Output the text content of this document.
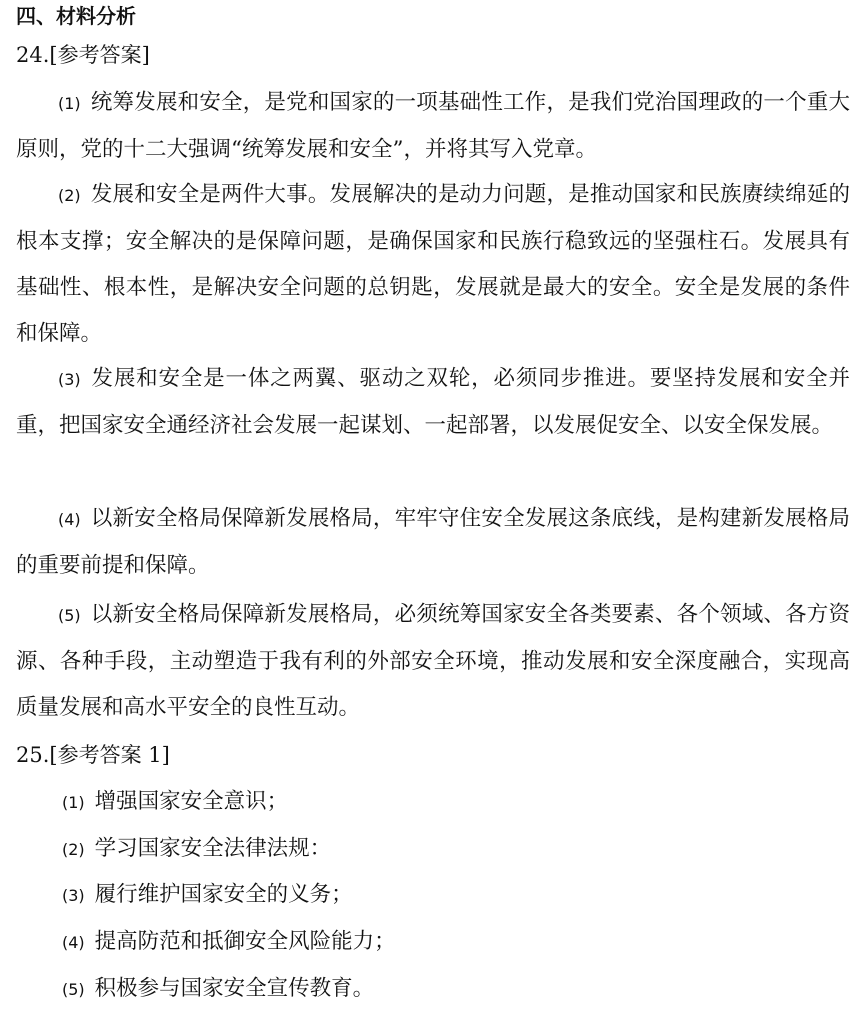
四、材料分析
24.[参考答案]

(1) 统筹发展和安全，是党和国家的一项基础性工作，是我们党治国理政的一个重大原则，党的十二大强调“统筹发展和安全”，并将其写入党章。

(2) 发展和安全是两件大事。发展解决的是动力问题，是推动国家和民族赓续绵延的根本支撑；安全解决的是保障问题，是确保国家和民族行稳致远的坚强柱石。发展具有基础性、根本性，是解决安全问题的总钥匙，发展就是最大的安全。安全是发展的条件和保障。

(3) 发展和安全是一体之两翼、驱动之双轮，必须同步推进。要坚持发展和安全并重，把国家安全通经济社会发展一起谋划、一起部署，以发展促安全、以安全保发展。

(4) 以新安全格局保障新发展格局，牢牢守住安全发展这条底线，是构建新发展格局的重要前提和保障。

(5) 以新安全格局保障新发展格局，必须统筹国家安全各类要素、各个领域、各方资源、各种手段，主动塑造于我有利的外部安全环境，推动发展和安全深度融合，实现高质量发展和高水平安全的良性互动。

25.[参考答案 1]
(1) 增强国家安全意识；
(2) 学习国家安全法律法规：
(3) 履行维护国家安全的义务；
(4) 提高防范和抵御安全风险能力；
(5) 积极参与国家安全宣传教育。
